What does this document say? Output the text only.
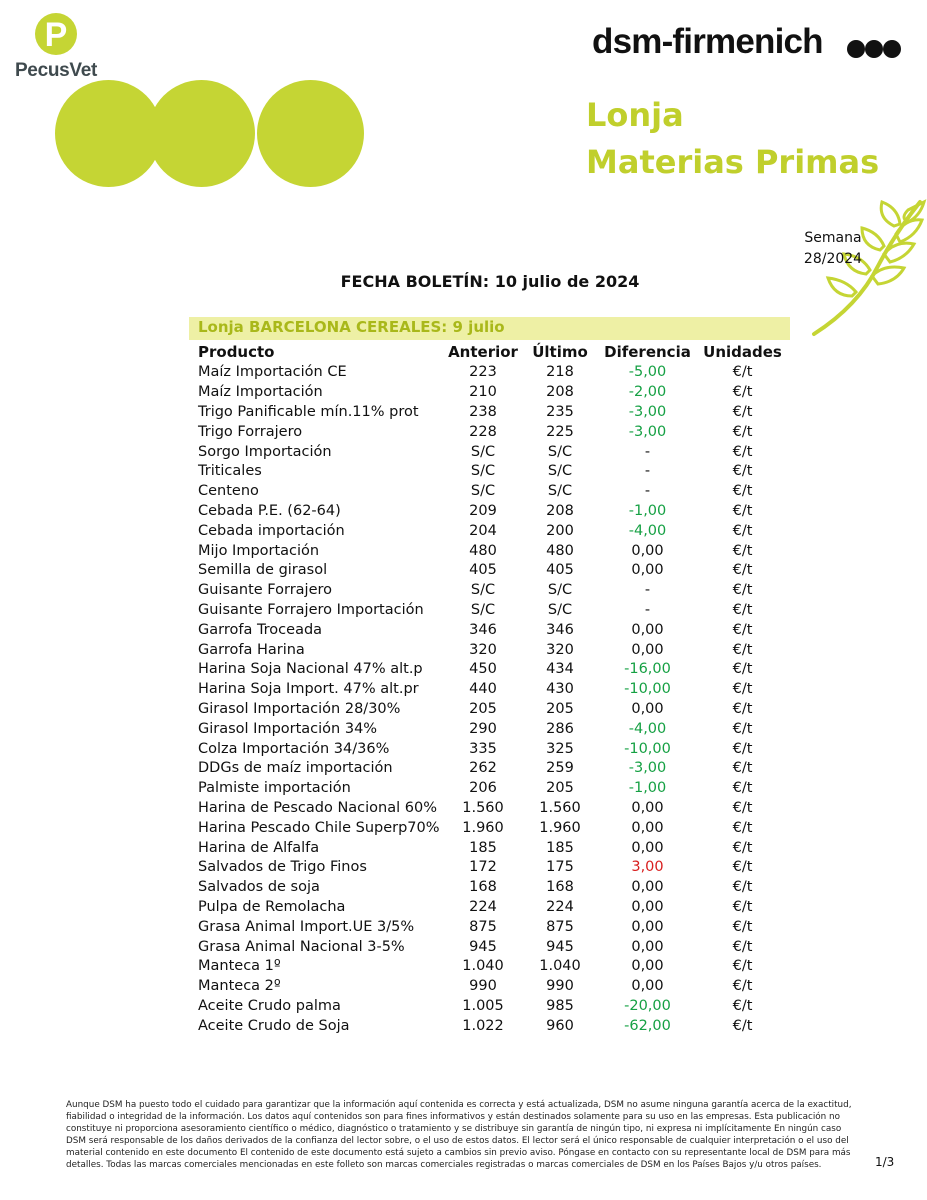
P
PecusVet
dsm-firmenich
Lonja
Materias Primas
Semana
28/2024
FECHA BOLETÍN: 10 julio de 2024
Lonja BARCELONA CEREALES: 9 julio
Producto	Anterior	Último	Diferencia	Unidades
Maíz Importación CE	223	218	-5,00	€/t
Maíz Importación	210	208	-2,00	€/t
Trigo Panificable mín.11% prot	238	235	-3,00	€/t
Trigo Forrajero	228	225	-3,00	€/t
Sorgo Importación	S/C	S/C	-	€/t
Triticales	S/C	S/C	-	€/t
Centeno	S/C	S/C	-	€/t
Cebada P.E. (62-64)	209	208	-1,00	€/t
Cebada importación	204	200	-4,00	€/t
Mijo Importación	480	480	0,00	€/t
Semilla de girasol	405	405	0,00	€/t
Guisante Forrajero	S/C	S/C	-	€/t
Guisante Forrajero Importación	S/C	S/C	-	€/t
Garrofa Troceada	346	346	0,00	€/t
Garrofa Harina	320	320	0,00	€/t
Harina Soja Nacional 47% alt.p	450	434	-16,00	€/t
Harina Soja Import. 47% alt.pr	440	430	-10,00	€/t
Girasol Importación 28/30%	205	205	0,00	€/t
Girasol Importación 34%	290	286	-4,00	€/t
Colza Importación 34/36%	335	325	-10,00	€/t
DDGs de maíz importación	262	259	-3,00	€/t
Palmiste importación	206	205	-1,00	€/t
Harina de Pescado Nacional 60%	1.560	1.560	0,00	€/t
Harina Pescado Chile Superp70%	1.960	1.960	0,00	€/t
Harina de Alfalfa	185	185	0,00	€/t
Salvados de Trigo Finos	172	175	3,00	€/t
Salvados de soja	168	168	0,00	€/t
Pulpa de Remolacha	224	224	0,00	€/t
Grasa Animal Import.UE 3/5%	875	875	0,00	€/t
Grasa Animal Nacional 3-5%	945	945	0,00	€/t
Manteca 1º	1.040	1.040	0,00	€/t
Manteca 2º	990	990	0,00	€/t
Aceite Crudo palma	1.005	985	-20,00	€/t
Aceite Crudo de Soja	1.022	960	-62,00	€/t
Aunque DSM ha puesto todo el cuidado para garantizar que la información aquí contenida es correcta y está actualizada, DSM no asume ninguna garantía acerca de la exactitud, fiabilidad o integridad de la información. Los datos aquí contenidos son para fines informativos y están destinados solamente para su uso en las empresas. Esta publicación no constituye ni proporciona asesoramiento científico o médico, diagnóstico o tratamiento y se distribuye sin garantía de ningún tipo, ni expresa ni implícitamente En ningún caso DSM será responsable de los daños derivados de la confianza del lector sobre, o el uso de estos datos. El lector será el único responsable de cualquier interpretación o el uso del material contenido en este documento El contenido de este documento está sujeto a cambios sin previo aviso. Póngase en contacto con su representante local de DSM para más detalles. Todas las marcas comerciales mencionadas en este folleto son marcas comerciales registradas o marcas comerciales de DSM en los Países Bajos y/u otros países.	1/3
